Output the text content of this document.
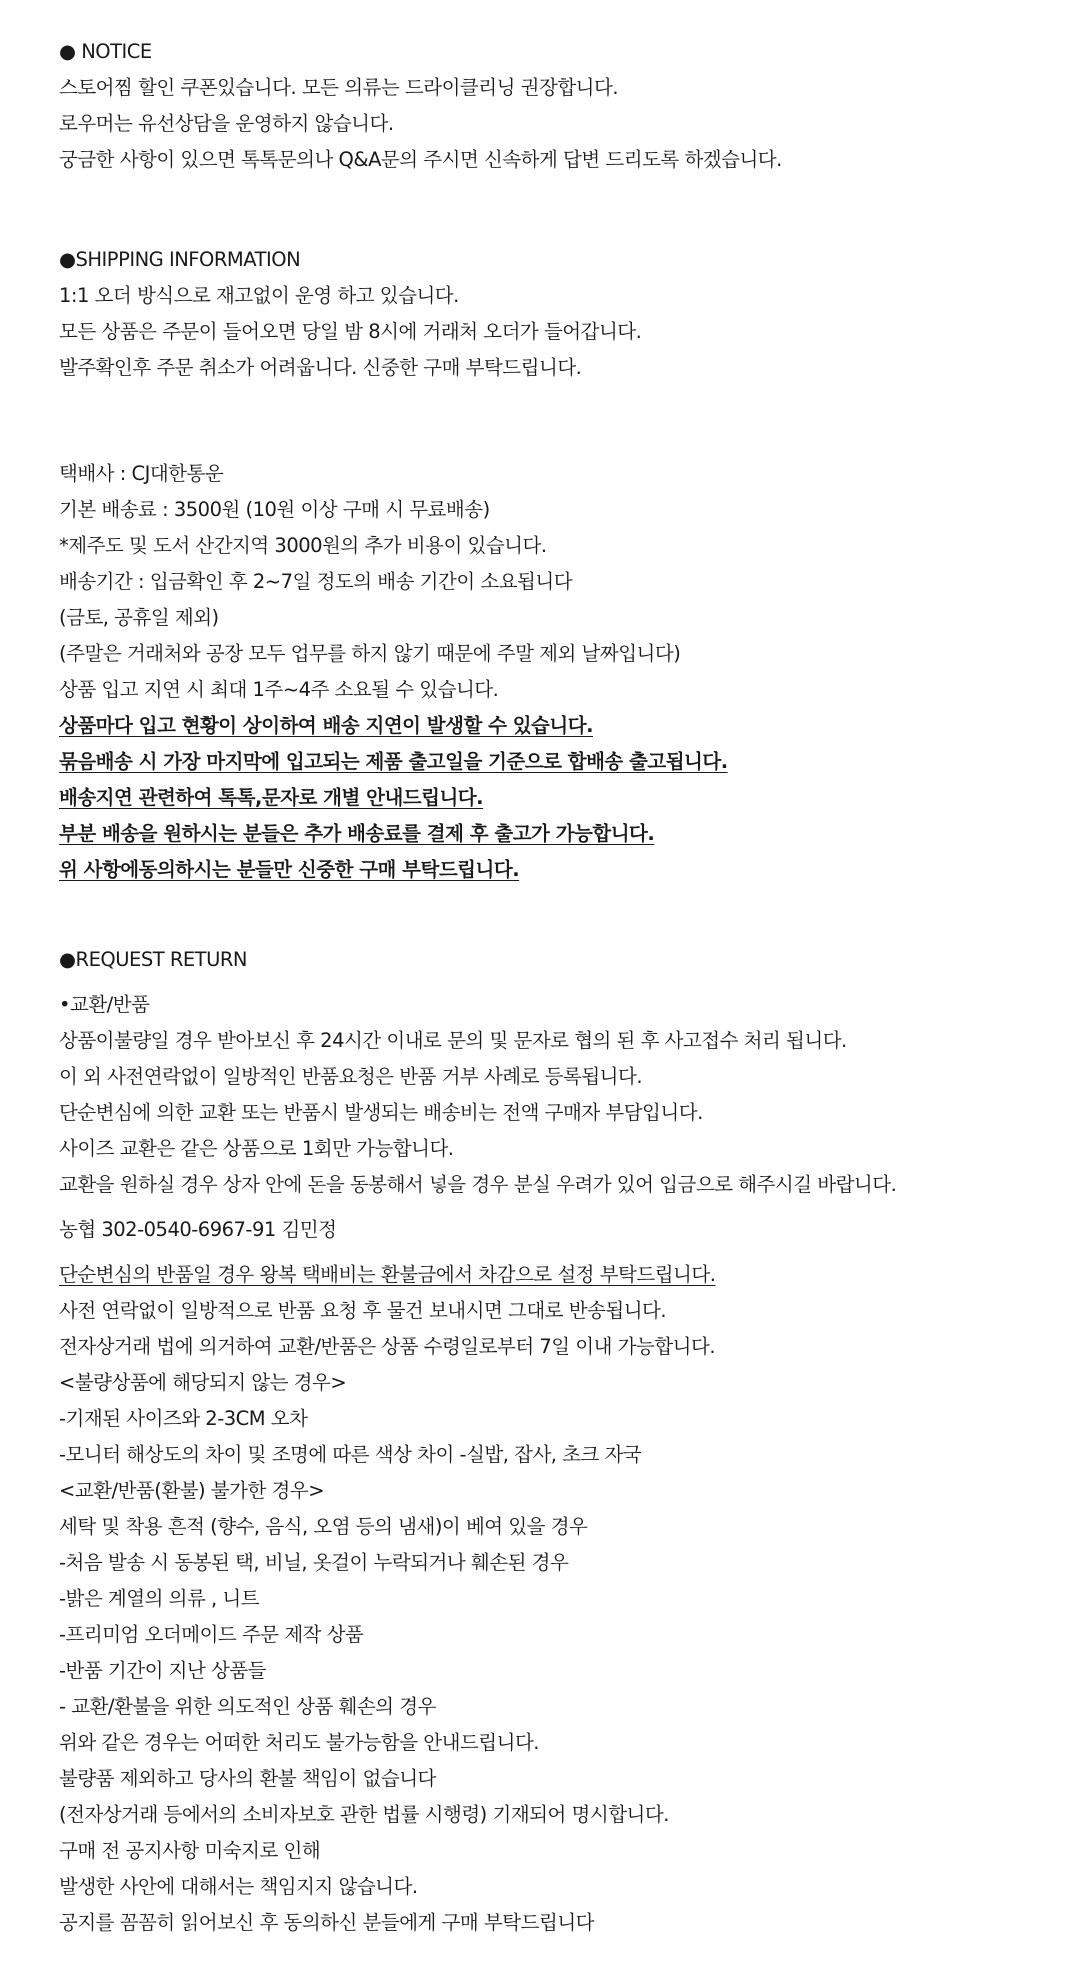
● NOTICE
스토어찜 할인 쿠폰있습니다. 모든 의류는 드라이클리닝 권장합니다.
로우머는 유선상담을 운영하지 않습니다.
궁금한 사항이 있으면 톡톡문의나 Q&A문의 주시면 신속하게 답변 드리도록 하겠습니다.
●SHIPPING INFORMATION
1:1 오더 방식으로 재고없이 운영 하고 있습니다.
모든 상품은 주문이 들어오면 당일 밤 8시에 거래처 오더가 들어갑니다.
발주확인후 주문 취소가 어려웁니다. 신중한 구매 부탁드립니다.
택배사 : CJ대한통운
기본 배송료 : 3500원 (10원 이상 구매 시 무료배송)
*제주도 및 도서 산간지역 3000원의 추가 비용이 있습니다.
배송기간 : 입금확인 후 2~7일 정도의 배송 기간이 소요됩니다
(금토, 공휴일 제외)
(주말은 거래처와 공장 모두 업무를 하지 않기 때문에 주말 제외 날짜입니다)
상품 입고 지연 시 최대 1주~4주 소요될 수 있습니다.
상품마다 입고 현황이 상이하여 배송 지연이 발생할 수 있습니다.
묶음배송 시 가장 마지막에 입고되는 제품 출고일을 기준으로 합배송 출고됩니다.
배송지연 관련하여 톡톡,문자로 개별 안내드립니다.
부분 배송을 원하시는 분들은 추가 배송료를 결제 후 출고가 가능합니다.
위 사항에동의하시는 분들만 신중한 구매 부탁드립니다.
●REQUEST RETURN
•교환/반품
상품이불량일 경우 받아보신 후 24시간 이내로 문의 및 문자로 협의 된 후 사고접수 처리 됩니다.
이 외 사전연락없이 일방적인 반품요청은 반품 거부 사례로 등록됩니다.
단순변심에 의한 교환 또는 반품시 발생되는 배송비는 전액 구매자 부담입니다.
사이즈 교환은 같은 상품으로 1회만 가능합니다.
교환을 원하실 경우 상자 안에 돈을 동봉해서 넣을 경우 분실 우려가 있어 입금으로 해주시길 바랍니다.
농협 302-0540-6967-91 김민정
단순변심의 반품일 경우 왕복 택배비는 환불금에서 차감으로 설정 부탁드립니다.
사전 연락없이 일방적으로 반품 요청 후 물건 보내시면 그대로 반송됩니다.
전자상거래 법에 의거하여 교환/반품은 상품 수령일로부터 7일 이내 가능합니다.
<불량상품에 해당되지 않는 경우>
-기재된 사이즈와 2-3CM 오차
-모니터 해상도의 차이 및 조명에 따른 색상 차이 -실밥, 잡사, 초크 자국
<교환/반품(환불) 불가한 경우>
세탁 및 착용 흔적 (향수, 음식, 오염 등의 냄새)이 베여 있을 경우
-처음 발송 시 동봉된 택, 비닐, 옷걸이 누락되거나 훼손된 경우
-밝은 계열의 의류 , 니트
-프리미엄 오더메이드 주문 제작 상품
-반품 기간이 지난 상품들
- 교환/환불을 위한 의도적인 상품 훼손의 경우
위와 같은 경우는 어떠한 처리도 불가능함을 안내드립니다.
불량품 제외하고 당사의 환불 책임이 없습니다
(전자상거래 등에서의 소비자보호 관한 법률 시행령) 기재되어 명시합니다.
구매 전 공지사항 미숙지로 인해
발생한 사안에 대해서는 책임지지 않습니다.
공지를 꼼꼼히 읽어보신 후 동의하신 분들에게 구매 부탁드립니다
